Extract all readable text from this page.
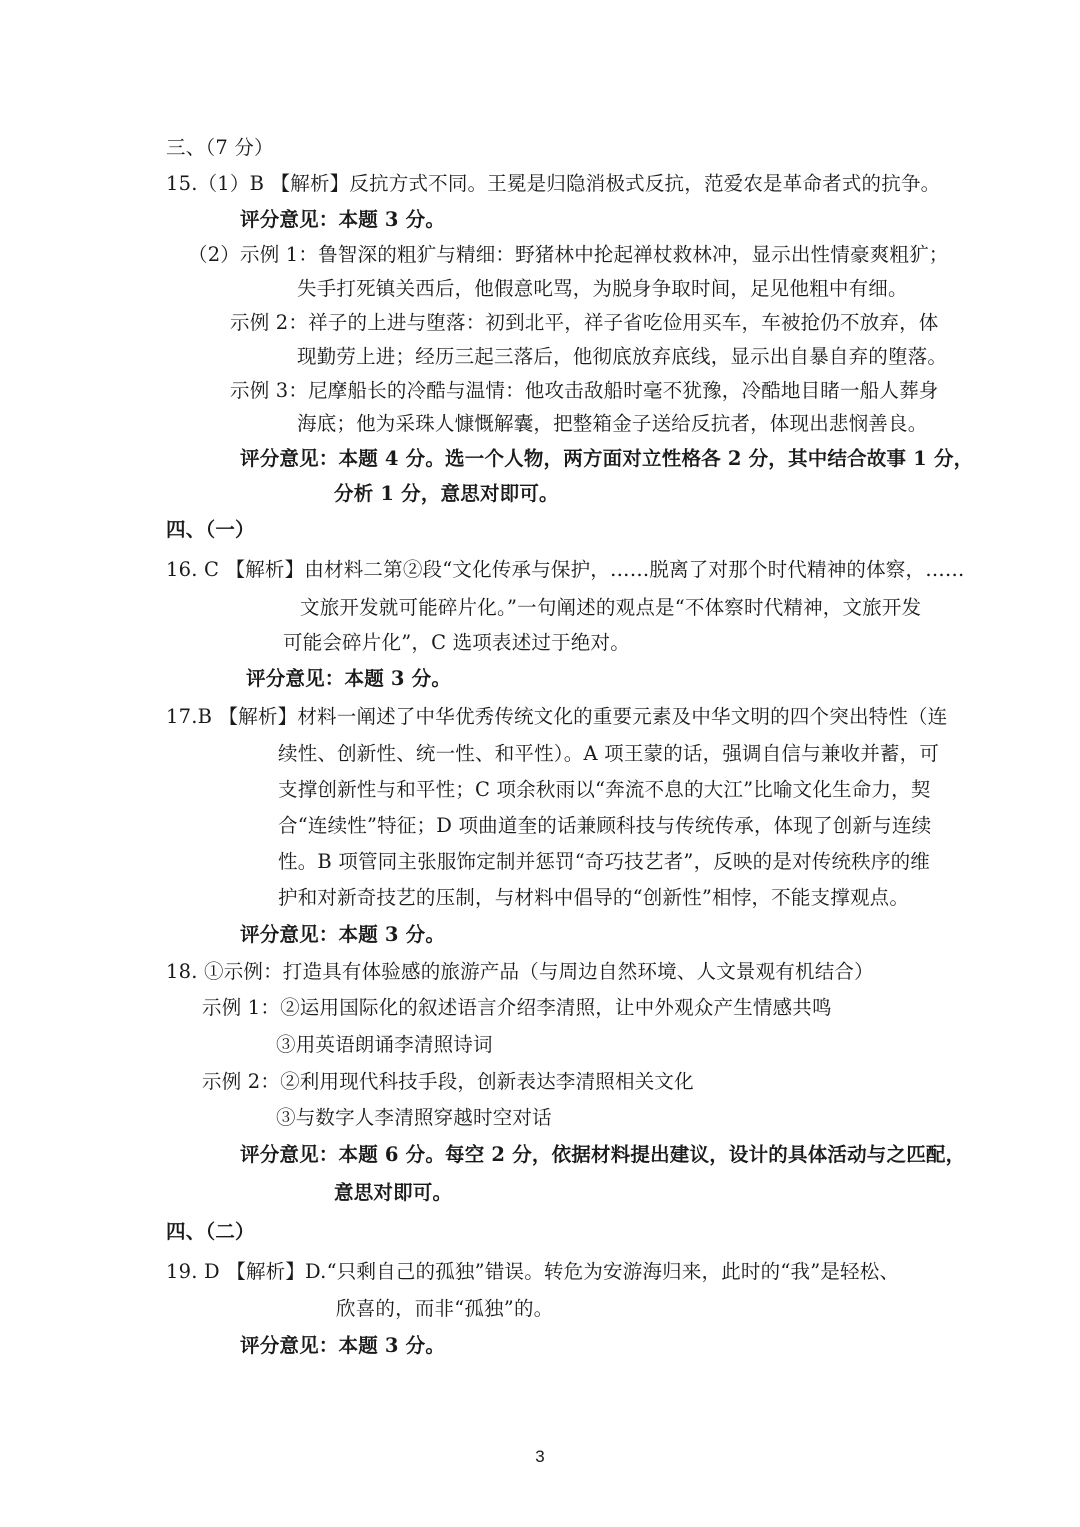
三、（7 分）
15.（1）B 【解析】反抗方式不同。王冕是归隐消极式反抗，范爱农是革命者式的抗争。
评分意见：本题 3 分。
（2）示例 1：鲁智深的粗犷与精细：野猪林中抡起禅杖救林冲，显示出性情豪爽粗犷；
失手打死镇关西后，他假意叱骂，为脱身争取时间，足见他粗中有细。
示例 2：祥子的上进与堕落：初到北平，祥子省吃俭用买车，车被抢仍不放弃，体
现勤劳上进；经历三起三落后，他彻底放弃底线，显示出自暴自弃的堕落。
示例 3：尼摩船长的冷酷与温情：他攻击敌船时毫不犹豫，冷酷地目睹一船人葬身
海底；他为采珠人慷慨解囊，把整箱金子送给反抗者，体现出悲悯善良。
评分意见：本题 4 分。选一个人物，两方面对立性格各 2 分，其中结合故事 1 分，
分析 1 分，意思对即可。
四、（一）
16. C 【解析】由材料二第②段“文化传承与保护，……脱离了对那个时代精神的体察，……
文旅开发就可能碎片化。”一句阐述的观点是“不体察时代精神，文旅开发
可能会碎片化”，C 选项表述过于绝对。
评分意见：本题 3 分。
17.B 【解析】材料一阐述了中华优秀传统文化的重要元素及中华文明的四个突出特性（连
续性、创新性、统一性、和平性）。A 项王蒙的话，强调自信与兼收并蓄，可
支撑创新性与和平性；C 项余秋雨以“奔流不息的大江”比喻文化生命力，契
合“连续性”特征；D 项曲道奎的话兼顾科技与传统传承，体现了创新与连续
性。B 项管同主张服饰定制并惩罚“奇巧技艺者”，反映的是对传统秩序的维
护和对新奇技艺的压制，与材料中倡导的“创新性”相悖，不能支撑观点。
评分意见：本题 3 分。
18. ①示例：打造具有体验感的旅游产品（与周边自然环境、人文景观有机结合）
示例 1：②运用国际化的叙述语言介绍李清照，让中外观众产生情感共鸣
③用英语朗诵李清照诗词
示例 2：②利用现代科技手段，创新表达李清照相关文化
③与数字人李清照穿越时空对话
评分意见：本题 6 分。每空 2 分，依据材料提出建议，设计的具体活动与之匹配，
意思对即可。
四、（二）
19. D 【解析】D.“只剩自己的孤独”错误。转危为安游海归来，此时的“我”是轻松、
欣喜的，而非“孤独”的。
评分意见：本题 3 分。
3
